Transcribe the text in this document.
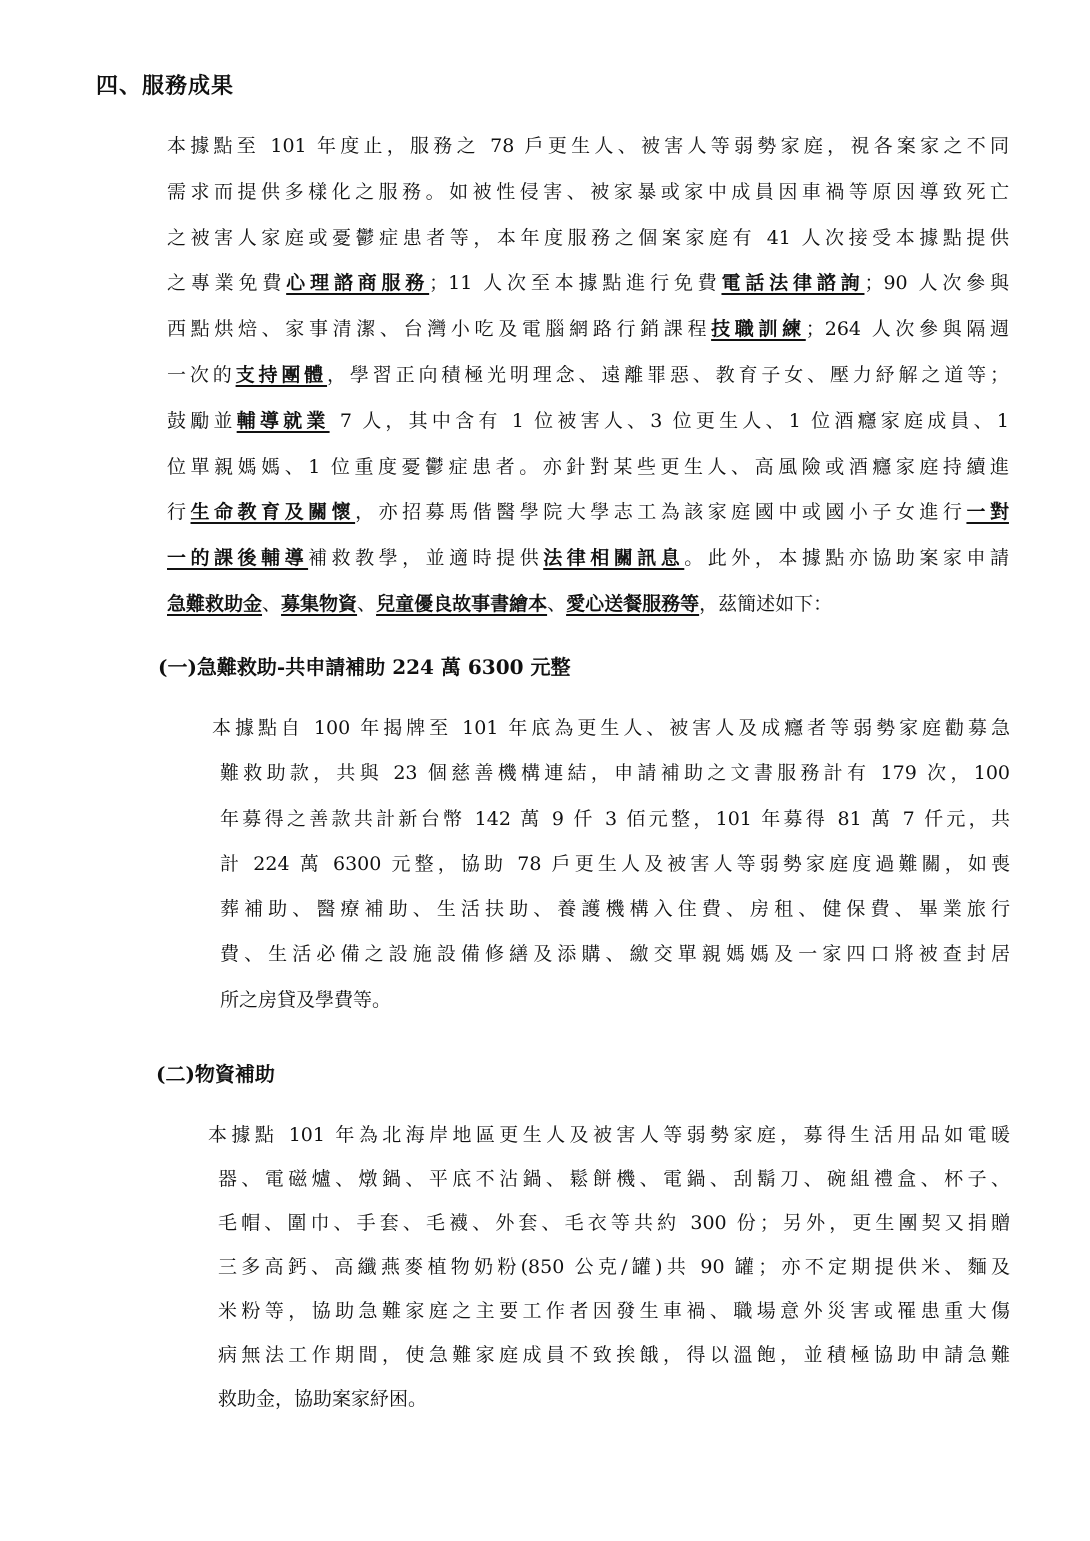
四、服務成果
本據點至 101 年度止，服務之 78 戶更生人、被害人等弱勢家庭，視各案家之不同
需求而提供多樣化之服務。如被性侵害、被家暴或家中成員因車禍等原因導致死亡
之被害人家庭或憂鬱症患者等，本年度服務之個案家庭有 41 人次接受本據點提供
之專業免費心理諮商服務；11 人次至本據點進行免費電話法律諮詢；90 人次參與
西點烘焙、家事清潔、台灣小吃及電腦網路行銷課程技職訓練；264 人次參與隔週
一次的支持團體，學習正向積極光明理念、遠離罪惡、教育子女、壓力紓解之道等；
鼓勵並輔導就業 7 人，其中含有 1 位被害人、3 位更生人、1 位酒癮家庭成員、1
位單親媽媽、1 位重度憂鬱症患者。亦針對某些更生人、高風險或酒癮家庭持續進
行生命教育及關懷，亦招募馬偕醫學院大學志工為該家庭國中或國小子女進行一對
一的課後輔導補救教學，並適時提供法律相關訊息。此外，本據點亦協助案家申請
急難救助金、募集物資、兒童優良故事書繪本、愛心送餐服務等，茲簡述如下：
(一)急難救助-共申請補助 224 萬 6300 元整
本據點自 100 年揭牌至 101 年底為更生人、被害人及成癮者等弱勢家庭勸募急
難救助款，共與 23 個慈善機構連結，申請補助之文書服務計有 179 次，100
年募得之善款共計新台幣 142 萬 9 仟 3 佰元整，101 年募得 81 萬 7 仟元，共
計 224 萬 6300 元整，協助 78 戶更生人及被害人等弱勢家庭度過難關，如喪
葬補助、醫療補助、生活扶助、養護機構入住費、房租、健保費、畢業旅行
費、生活必備之設施設備修繕及添購、繳交單親媽媽及一家四口將被查封居
所之房貸及學費等。
(二)物資補助
本據點 101 年為北海岸地區更生人及被害人等弱勢家庭，募得生活用品如電暖
器、電磁爐、燉鍋、平底不沾鍋、鬆餅機、電鍋、刮鬍刀、碗組禮盒、杯子、
毛帽、圍巾、手套、毛襪、外套、毛衣等共約 300 份；另外，更生團契又捐贈
三多高鈣、高纖燕麥植物奶粉(850 公克/罐)共 90 罐；亦不定期提供米、麵及
米粉等，協助急難家庭之主要工作者因發生車禍、職場意外災害或罹患重大傷
病無法工作期間，使急難家庭成員不致挨餓，得以溫飽，並積極協助申請急難
救助金，協助案家紓困。
